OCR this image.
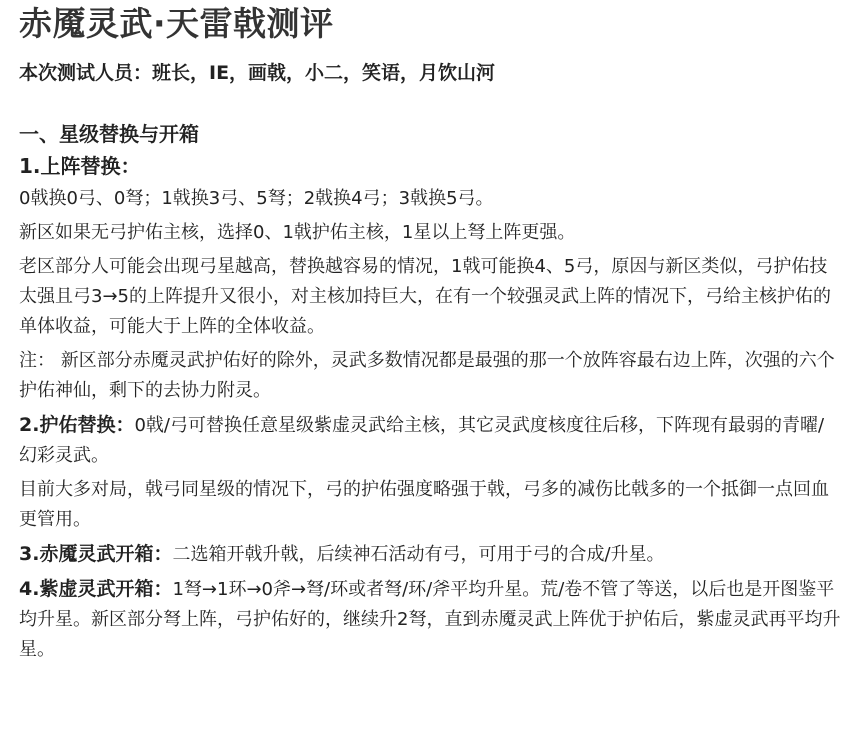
赤魇灵武·天雷戟测评
本次测试人员：班长，IE，画戟，小二，笑语，月饮山河
一、星级替换与开箱
1.上阵替换：

0戟换0弓、0弩；1戟换3弓、5弩；2戟换4弓；3戟换5弓。

新区如果无弓护佑主核，选择0、1戟护佑主核，1星以上弩上阵更强。

老区部分人可能会出现弓星越高，替换越容易的情况，1戟可能换4、5弓，原因与新区类似，弓护佑技太强且弓3→5的上阵提升又很小，对主核加持巨大，在有一个较强灵武上阵的情况下，弓给主核护佑的单体收益，可能大于上阵的全体收益。

注： 新区部分赤魇灵武护佑好的除外，灵武多数情况都是最强的那一个放阵容最右边上阵，次强的六个护佑神仙，剩下的去协力附灵。

2.护佑替换：0戟/弓可替换任意星级紫虚灵武给主核，其它灵武度核度往后移，下阵现有最弱的青曜/幻彩灵武。

目前大多对局，戟弓同星级的情况下，弓的护佑强度略强于戟，弓多的减伤比戟多的一个抵御一点回血更管用。

3.赤魇灵武开箱：二选箱开戟升戟，后续神石活动有弓，可用于弓的合成/升星。

4.紫虚灵武开箱：1弩→1环→0斧→弩/环或者弩/环/斧平均升星。荒/卷不管了等送，以后也是开图鉴平均升星。新区部分弩上阵，弓护佑好的，继续升2弩，直到赤魇灵武上阵优于护佑后，紫虚灵武再平均升星。
